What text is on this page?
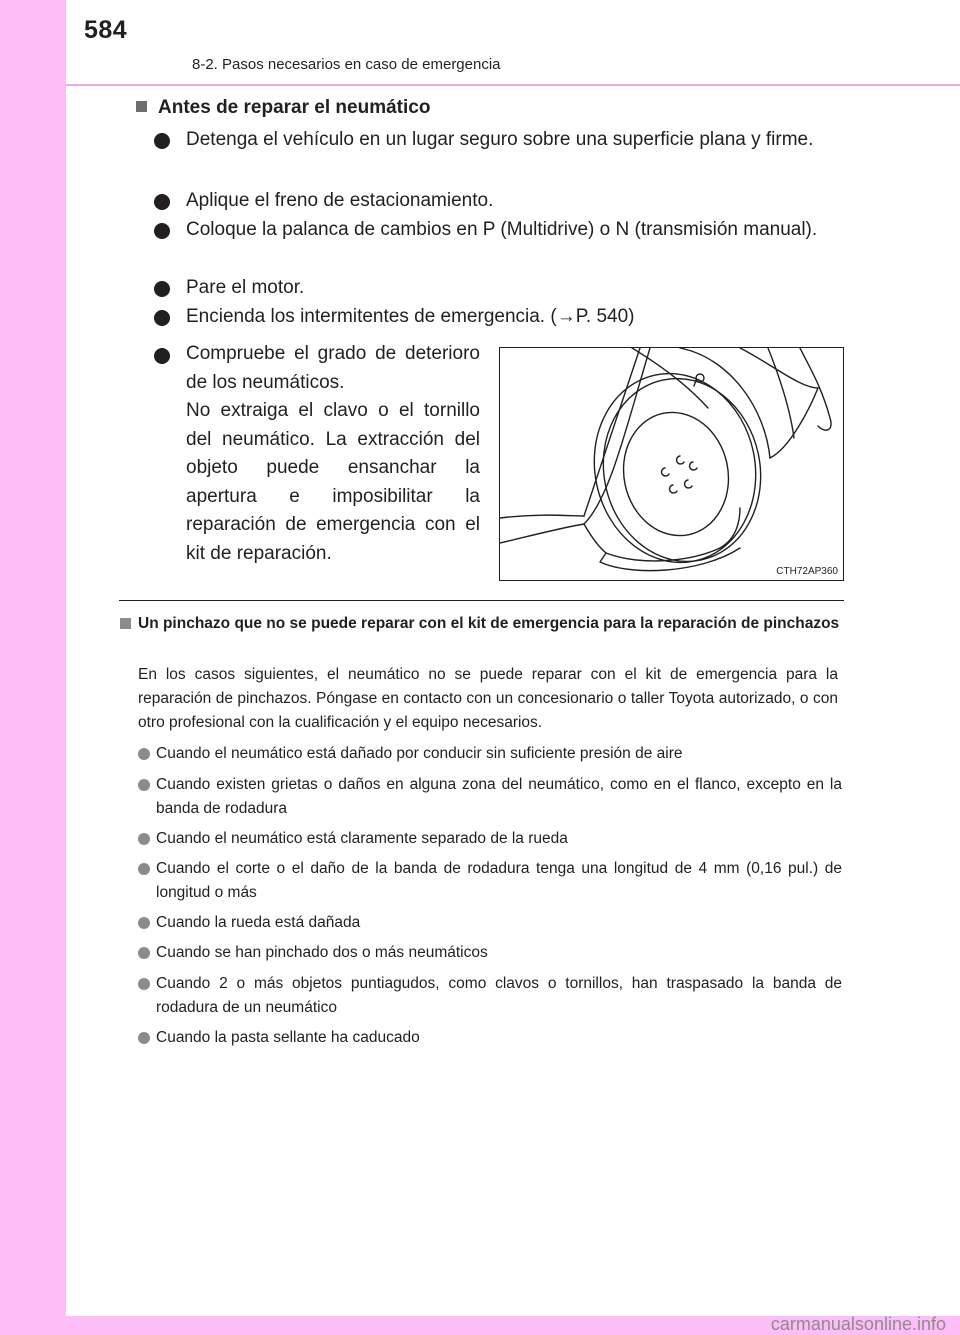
584
8-2. Pasos necesarios en caso de emergencia
Antes de reparar el neumático
Detenga el vehículo en un lugar seguro sobre una superficie plana y firme.
Aplique el freno de estacionamiento.
Coloque la palanca de cambios en P (Multidrive) o N (transmisión manual).
Pare el motor.
Encienda los intermitentes de emergencia. (→P. 540)
Compruebe el grado de deterioro de los neumáticos.
No extraiga el clavo o el tornillo del neumático. La extracción del objeto puede ensanchar la apertura e imposibilitar la reparación de emergencia con el kit de reparación.
CTH72AP360
Un pinchazo que no se puede reparar con el kit de emergencia para la reparación de pinchazos
En los casos siguientes, el neumático no se puede reparar con el kit de emergencia para la reparación de pinchazos. Póngase en contacto con un concesionario o taller Toyota autorizado, o con otro profesional con la cualificación y el equipo necesarios.
Cuando el neumático está dañado por conducir sin suficiente presión de aire
Cuando existen grietas o daños en alguna zona del neumático, como en el flanco, excepto en la banda de rodadura
Cuando el neumático está claramente separado de la rueda
Cuando el corte o el daño de la banda de rodadura tenga una longitud de 4 mm (0,16 pul.) de longitud o más
Cuando la rueda está dañada
Cuando se han pinchado dos o más neumáticos
Cuando 2 o más objetos puntiagudos, como clavos o tornillos, han traspasado la banda de rodadura de un neumático
Cuando la pasta sellante ha caducado
carmanualsonline.info
